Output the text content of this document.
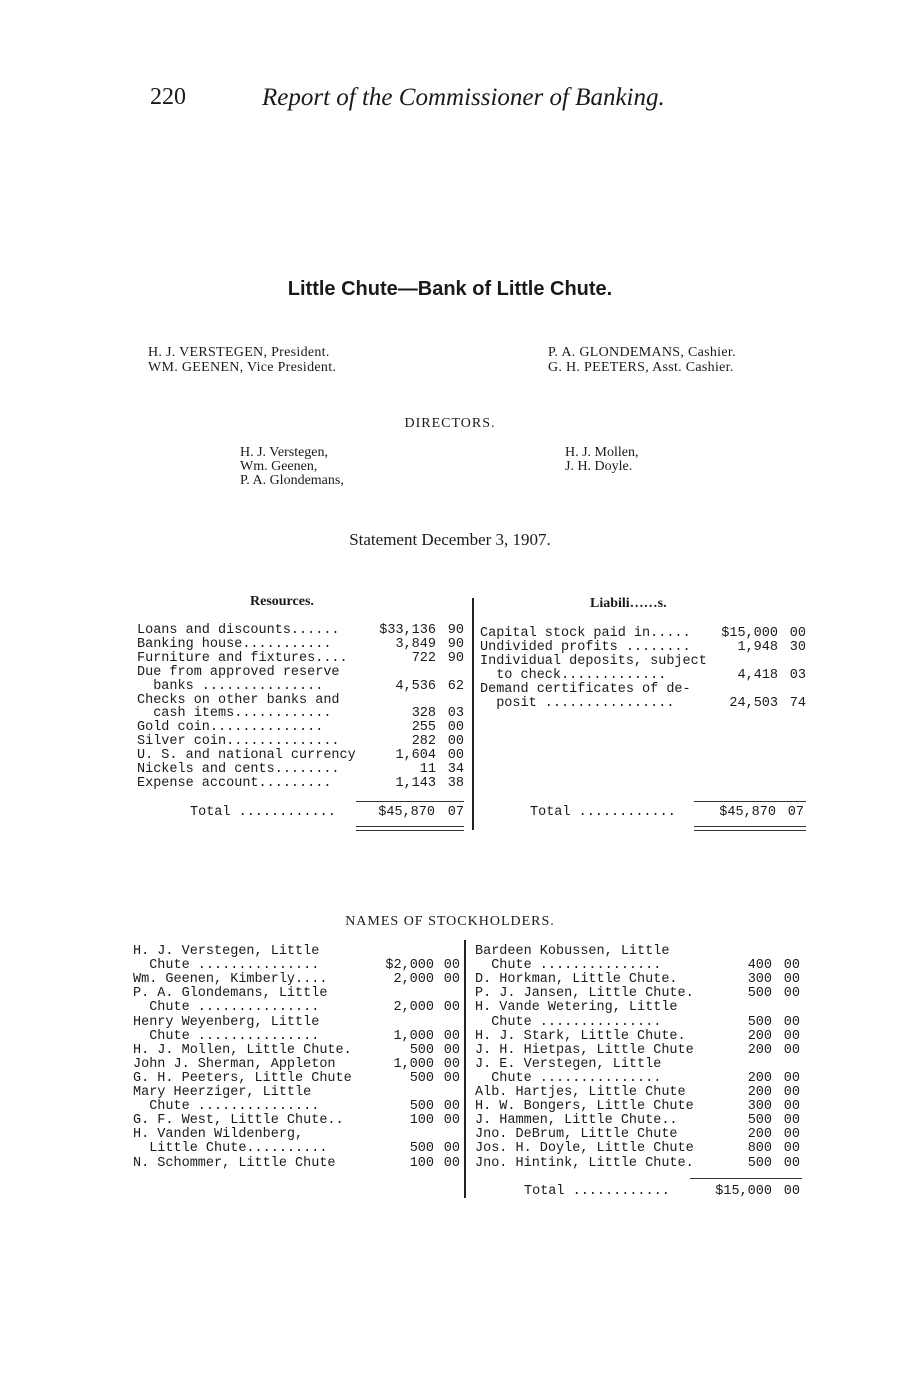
220	Report of the Commissioner of Banking.
Little Chute—Bank of Little Chute.
H. J. VERSTEGEN, President.
WM. GEENEN, Vice President.
P. A. GLONDEMANS, Cashier.
G. H. PEETERS, Asst. Cashier.
DIRECTORS.
H. J. Verstegen,
Wm. Geenen,
P. A. Glondemans,
H. J. Mollen,
J. H. Doyle.
Statement December 3, 1907.
Resources.	Liabili……s.
Loans and discounts......	$33,136 90
Banking house...........	3,849 90
Furniture and fixtures....	722 90
Due from approved reserve
banks ...............	4,536 62
Checks on other banks and
cash items............	328 03
Gold coin..............	255 00
Silver coin..............	282 00
U. S. and national currency	1,604 00
Nickels and cents........	11 34
Expense account.........	1,143 38
Capital stock paid in.....	$15,000 00
Undivided profits ........	1,948 30
Individual deposits, subject
to check.............	4,418 03
Demand certificates of de-
posit ................	24,503 74
Total ............	$45,870 07	Total ............	$45,870 07
NAMES OF STOCKHOLDERS.
H. J. Verstegen, Little
Chute ...............	$2,000 00
Wm. Geenen, Kimberly....	2,000 00
P. A. Glondemans, Little
Chute ...............	2,000 00
Henry Weyenberg, Little
Chute ...............	1,000 00
H. J. Mollen, Little Chute.	500 00
John J. Sherman, Appleton	1,000 00
G. H. Peeters, Little Chute	500 00
Mary Heerziger, Little
Chute ...............	500 00
G. F. West, Little Chute..	100 00
H. Vanden Wildenberg,
Little Chute..........	500 00
N. Schommer, Little Chute	100 00
Bardeen Kobussen, Little
Chute ...............	400 00
D. Horkman, Little Chute.	300 00
P. J. Jansen, Little Chute.	500 00
H. Vande Wetering, Little
Chute ...............	500 00
H. J. Stark, Little Chute.	200 00
J. H. Hietpas, Little Chute	200 00
J. E. Verstegen, Little
Chute ...............	200 00
Alb. Hartjes, Little Chute	200 00
H. W. Bongers, Little Chute	300 00
J. Hammen, Little Chute..	500 00
Jno. DeBrum, Little Chute	200 00
Jos. H. Doyle, Little Chute	800 00
Jno. Hintink, Little Chute.	500 00
Total ............	$15,000 00
